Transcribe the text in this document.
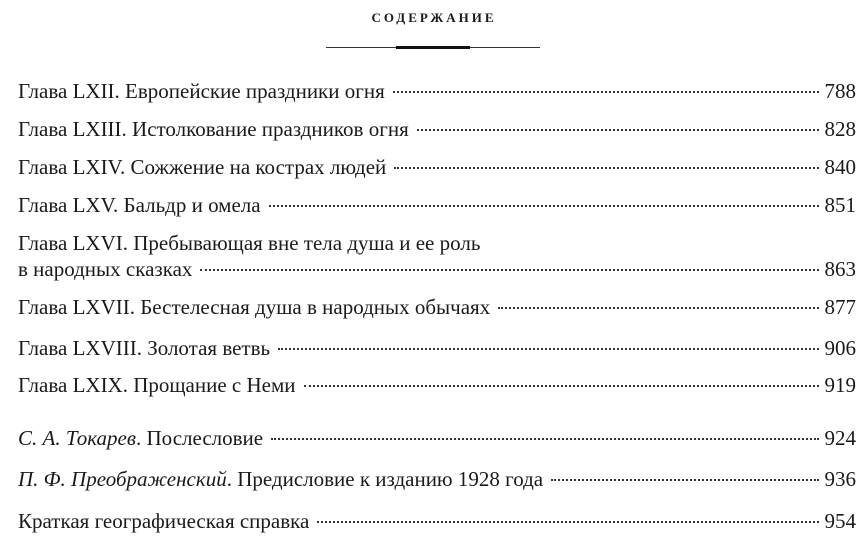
СОДЕРЖАНИЕ
Глава LXII. Европейские праздники огня	788
Глава LXIII. Истолкование праздников огня	828
Глава LXIV. Сожжение на кострах людей	840
Глава LXV. Бальдр и омела	851
Глава LXVI. Пребывающая вне тела душа и ее роль
в народных сказках	863
Глава LXVII. Бестелесная душа в народных обычаях	877
Глава LXVIII. Золотая ветвь	906
Глава LXIX. Прощание с Неми	919
С. А. Токарев. Послесловие	924
П. Ф. Преображенский. Предисловие к изданию 1928 года	936
Краткая географическая справка	954
